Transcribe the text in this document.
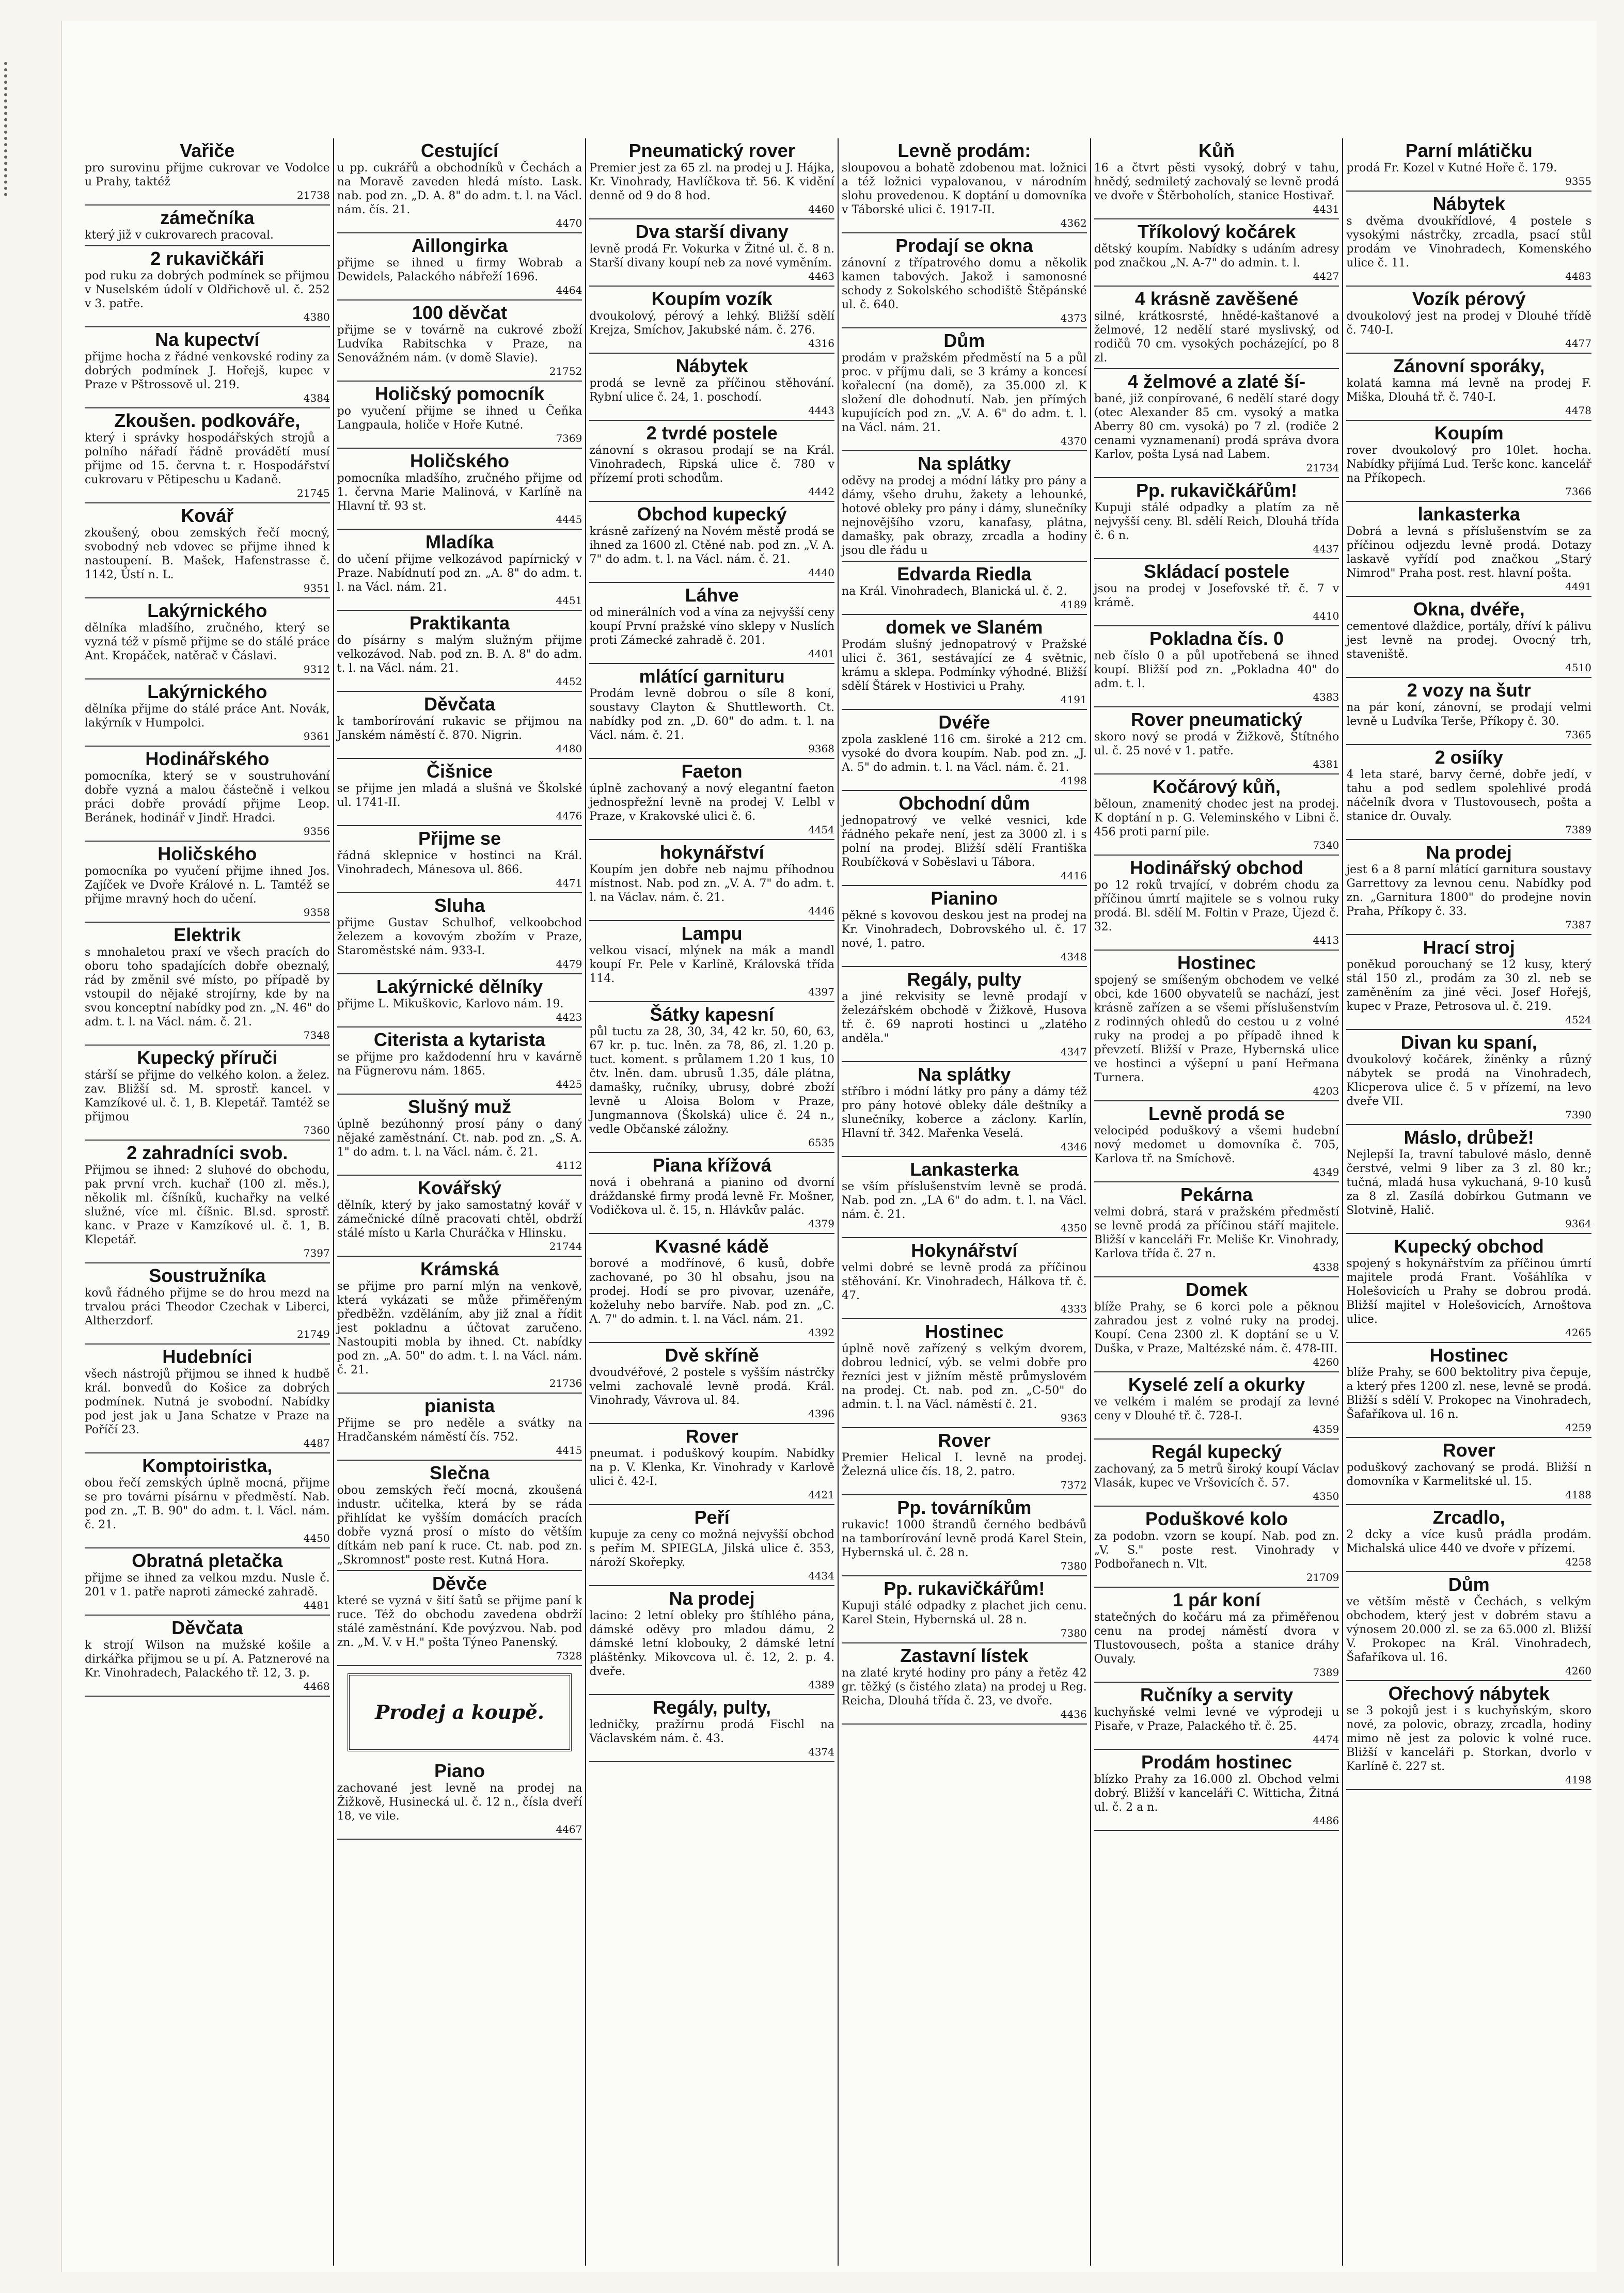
Vařiče

pro surovinu přijme cukrovar ve Vodolce u Prahy, taktéž

21738
zámečníka

který již v cukrovarech pracoval.

2 rukavičkáři

pod ruku za dobrých podmínek se přijmou v Nuselském údolí v Oldřichově ul. č. 252 v 3. patře.

4380
Na kupectví

přijme hocha z řádné venkovské rodiny za dobrých podmínek J. Hořejš, kupec v Praze v Pštrossově ul. 219.

4384
Zkoušen. podkováře,

který i správky hospodářských strojů a polního nářadí řádně provádětí musí přijme od 15. června t. r. Hospodářství cukrovaru v Pětipeschu u Kadaně.

21745
Kovář

zkoušený, obou zemských řečí mocný, svobodný neb vdovec se přijme ihned k nastoupení. B. Mašek, Hafenstrasse č. 1142, Ústí n. L.

9351
Lakýrnického

dělníka mladšího, zručného, který se vyzná též v písmě přijme se do stálé práce Ant. Kropáček, natěrač v Čáslavi.

9312
Lakýrnického

dělníka přijme do stálé práce Ant. Novák, lakýrník v Humpolci.

9361
Hodinářského

pomocníka, který se v soustruhování dobře vyzná a malou částečně i velkou práci dobře provádí přijme Leop. Beránek, hodinář v Jindř. Hradci.

9356
Holičského

pomocníka po vyučení přijme ihned Jos. Zajíček ve Dvoře Králové n. L. Tamtéž se přijme mravný hoch do učení.

9358
Elektrik

s mnohaletou praxí ve všech pracích do oboru toho spadajících dobře obeznalý, rád by změnil své místo, po případě by vstoupil do nějaké strojírny, kde by na svou konceptní nabídky pod zn. „N. 46" do adm. t. l. na Václ. nám. č. 21.

7348
Kupecký příruči

stárší se přijme do velkého kolon. a želez. zav. Bližší sd. M. sprostř. kancel. v Kamzíkové ul. č. 1, B. Klepetář. Tamtéž se přijmou

7360
2 zahradníci svob.

Přijmou se ihned: 2 sluhové do obchodu, pak první vrch. kuchař (100 zl. měs.), několik ml. číšníků, kuchařky na velké služné, více ml. číšnic. Bl.sd. sprostř. kanc. v Praze v Kamzíkové ul. č. 1, B. Klepetář.

7397
Soustružníka

kovů řádného přijme se do hrou mezd na trvalou práci Theodor Czechak v Liberci, Altherzdorf.

21749
Hudebníci

všech nástrojů přijmou se ihned k hudbě král. bonvedů do Košice za dobrých podmínek. Nutná je svobodní. Nabídky pod jest jak u Jana Schatze v Praze na Poříčí 23.

4487
Komptoiristka,

obou řečí zemských úplně mocná, přijme se pro továrni písárnu v předměstí. Nab. pod zn. „T. B. 90" do adm. t. l. Václ. nám. č. 21.

4450
Obratná pletačka

přijme se ihned za velkou mzdu. Nusle č. 201 v 1. patře naproti zámecké zahradě.

4481
Děvčata

k strojí Wilson na mužské košile a dirkářka přijmou se u pí. A. Patznerové na Kr. Vinohradech, Palackého tř. 12, 3. p.

4468
Cestující

u pp. cukrářů a obchodníků v Čechách a na Moravě zaveden hledá místo. Lask. nab. pod zn. „D. A. 8" do adm. t. l. na Václ. nám. čís. 21.

4470
Aillongirka

přijme se ihned u firmy Wobrab a Dewidels, Palackého nábřeží 1696.

4464
100 děvčat

přijme se v továrně na cukrové zboží Ludvíka Rabitschka v Praze, na Senovážném nám. (v domě Slavie).

21752
Holičský pomocník

po vyučení přijme se ihned u Čeňka Langpaula, holiče v Hoře Kutné.

7369
Holičského

pomocníka mladšího, zručného přijme od 1. června Marie Malinová, v Karlíně na Hlavní tř. 93 st.

4445
Mladíka

do učení přijme velkozávod papírnický v Praze. Nabídnutí pod zn. „A. 8" do adm. t. l. na Václ. nám. 21.

4451
Praktikanta

do písárny s malým služným přijme velkozávod. Nab. pod zn. B. A. 8" do adm. t. l. na Václ. nám. 21.

4452
Děvčata

k tamborírování rukavic se přijmou na Janském náměstí č. 870. Nigrin.

4480
Čišnice

se přijme jen mladá a slušná ve Školské ul. 1741-II.

4476
Přijme se

řádná sklepnice v hostinci na Král. Vinohradech, Mánesova ul. 866.

4471
Sluha

přijme Gustav Schulhof, velkoobchod železem a kovovým zbožím v Praze, Staroměstské nám. 933-I.

4479
Lakýrnické dělníky

přijme L. Mikuškovic, Karlovo nám. 19.

4423
Citerista a kytarista

se přijme pro každodenní hru v kavárně na Fügnerovu nám. 1865.

4425
Slušný muž

úplně bezúhonný prosí pány o daný nějaké zaměstnání. Ct. nab. pod zn. „S. A. 1" do adm. t. l. na Václ. nám. č. 21.

4112
Kovářský

dělník, který by jako samostatný kovář v zámečnické dílně pracovati chtěl, obdrží stálé místo u Karla Churáčka v Hlinsku.

21744
Krámská

se přijme pro parní mlýn na venkově, která vykázati se může přiměřeným předběžn. vzděláním, aby již znal a řídit jest pokladnu a účtovat zaručeno. Nastoupiti mobla by ihned. Ct. nabídky pod zn. „A. 50" do adm. t. l. na Václ. nám. č. 21.

21736
pianista

Přijme se pro neděle a svátky na Hradčanském náměstí čís. 752.

4415
Slečna

obou zemských řečí mocná, zkoušená industr. učitelka, která by se ráda přihlídat ke vyšším domácích pracích dobře vyzná prosí o místo do větším dítkám neb paní k ruce. Ct. nab. pod zn. „Skromnost" poste rest. Kutná Hora.

Děvče

které se vyzná v šití šatů se přijme paní k ruce. Též do obchodu zavedena obdrží stálé zaměstnání. Kde povýzvou. Nab. pod zn. „M. V. v H." pošta Týneo Panenský.

7328
Prodej a koupě.
Piano

zachované jest levně na prodej na Žižkově, Husinecká ul. č. 12 n., čísla dveří 18, ve vile.

4467
Pneumatický rover

Premier jest za 65 zl. na prodej u J. Hájka, Kr. Vinohrady, Havlíčkova tř. 56. K vidění denně od 9 do 8 hod.

4460
Dva starší divany

levně prodá Fr. Vokurka v Žitné ul. č. 8 n. Starší divany koupí neb za nové vyměním.

4463
Koupím vozík

dvoukolový, pérový a lehký. Bližší sdělí Krejza, Smíchov, Jakubské nám. č. 276.

4316
Nábytek

prodá se levně za příčinou stěhování. Rybní ulice č. 24, 1. poschodí.

4443
2 tvrdé postele

zánovní s okrasou prodají se na Král. Vinohradech, Ripská ulice č. 780 v přízemí proti schodům.

4442
Obchod kupecký

krásně zařízený na Novém městě prodá se ihned za 1600 zl. Ctěné nab. pod zn. „V. A. 7" do adm. t. l. na Václ. nám. č. 21.

4440
Láhve

od minerálních vod a vína za nejvyšší ceny koupí První pražské víno sklepy v Nuslích proti Zámecké zahradě č. 201.

4401
mlátící garnituru

Prodám levně dobrou o síle 8 koní, soustavy Clayton & Shuttleworth. Ct. nabídky pod zn. „D. 60" do adm. t. l. na Václ. nám. č. 21.

9368
Faeton

úplně zachovaný a nový elegantní faeton jednospřežní levně na prodej V. Lelbl v Praze, v Krakovské ulici č. 6.

4454
hokynářství

Koupím jen dobře neb najmu příhodnou místnost. Nab. pod zn. „V. A. 7" do adm. t. l. na Václav. nám. č. 21.

4446
Lampu

velkou visací, mlýnek na mák a mandl koupí Fr. Pele v Karlíně, Královská třída 114.

4397
Šátky kapesní

půl tuctu za 28, 30, 34, 42 kr. 50, 60, 63, 67 kr. p. tuc. lněn. za 78, 86, zl. 1.20 p. tuct. koment. s průlamem 1.20 1 kus, 10 čtv. lněn. dam. ubrusů 1.35, dále plátna, damašky, ručníky, ubrusy, dobré zboží levně u Aloisa Bolom v Praze, Jungmannova (Školská) ulice č. 24 n., vedle Občanské záložny.

6535
Piana křížová

nová i obehraná a pianino od dvorní dráždanské firmy prodá levně Fr. Mošner, Vodičkova ul. č. 15, n. Hlávkův palác.

4379
Kvasné kádě

borové a modřínové, 6 kusů, dobře zachované, po 30 hl obsahu, jsou na prodej. Hodí se pro pivovar, uzenáře, koželuhy nebo barvíře. Nab. pod zn. „C. A. 7" do admin. t. l. na Václ. nám. 21.

4392
Dvě skříně

dvoudvéřové, 2 postele s vyšším nástrčky velmi zachovalé levně prodá. Král. Vinohrady, Vávrova ul. 84.

4396
Rover

pneumat. i poduškový koupím. Nabídky na p. V. Klenka, Kr. Vinohrady v Karlově ulici č. 42-I.

4421
Peří

kupuje za ceny co možná nejvyšší obchod s peřím M. SPIEGLA, Jilská ulice č. 353, nároží Skořepky.

4434
Na prodej

lacino: 2 letní obleky pro štíhlého pána, dámské oděvy pro mladou dámu, 2 dámské letní klobouky, 2 dámské letní pláštěnky. Mikovcova ul. č. 12, 2. p. 4. dveře.

4389
Regály, pulty,

ledničky, pražírnu prodá Fischl na Václavském nám. č. 43.

4374
Levně prodám:

sloupovou a bohatě zdobenou mat. ložnici a též ložnici vypalovanou, v národním slohu provedenou. K doptání u domovníka v Táborské ulici č. 1917-II.

4362
Prodají se okna

zánovní z třípatrového domu a několik kamen tabových. Jakož i samonosné schody z Sokolského schodiště Štěpánské ul. č. 640.

4373
Dům

prodám v pražském předměstí na 5 a půl proc. v příjmu dali, se 3 krámy a koncesí kořalecní (na domě), za 35.000 zl. K složení dle dohodnutí. Nab. jen přímých kupujících pod zn. „V. A. 6" do adm. t. l. na Václ. nám. 21.

4370
Na splátky

oděvy na prodej a módní látky pro pány a dámy, všeho druhu, žakety a lehounké, hotové obleky pro pány i dámy, slunečníky nejnovějšího vzoru, kanafasy, plátna, damašky, pak obrazy, zrcadla a hodiny jsou dle řádu u

Edvarda Riedla

na Král. Vinohradech, Blanická ul. č. 2.

4189
domek ve Slaném

Prodám slušný jednopatrový v Pražské ulici č. 361, sestávající ze 4 světnic, krámu a sklepa. Podmínky výhodné. Bližší sdělí Štárek v Hostivici u Prahy.

4191
Dvéře

zpola zasklené 116 cm. široké a 212 cm. vysoké do dvora koupím. Nab. pod zn. „J. A. 5" do admin. t. l. na Václ. nám. č. 21.

4198
Obchodní dům

jednopatrový ve velké vesnici, kde řádného pekaře není, jest za 3000 zl. i s polní na prodej. Bližší sdělí Františka Roubíčková v Soběslavi u Tábora.

4416
Pianino

pěkné s kovovou deskou jest na prodej na Kr. Vinohradech, Dobrovského ul. č. 17 nové, 1. patro.

4348
Regály, pulty

a jiné rekvisity se levně prodají v železářském obchodě v Žižkově, Husova tř. č. 69 naproti hostinci u „zlatého anděla."

4347
Na splátky

stříbro i módní látky pro pány a dámy též pro pány hotové obleky dále deštníky a slunečníky, koberce a záclony. Karlín, Hlavní tř. 342. Mařenka Veselá.

4346
Lankasterka

se vším příslušenstvím levně se prodá. Nab. pod zn. „LA 6" do adm. t. l. na Václ. nám. č. 21.

4350
Hokynářství

velmi dobré se levně prodá za příčinou stěhování. Kr. Vinohradech, Hálkova tř. č. 47.

4333
Hostinec

úplně nově zařízený s velkým dvorem, dobrou lednicí, výb. se velmi dobře pro řezníci jest v jižním městě průmyslovém na prodej. Ct. nab. pod zn. „C-50" do admin. t. l. na Václ. náměstí č. 21.

9363
Rover

Premier Helical I. levně na prodej. Železná ulice čís. 18, 2. patro.

7372
Pp. továrníkům

rukavic! 1000 štrandů černého bedbávů na tamborírování levně prodá Karel Stein, Hybernská ul. č. 28 n.

7380
Pp. rukavičkářům!

Kupuji stálé odpadky z plachet jich cenu. Karel Stein, Hybernská ul. 28 n.

7380
Zastavní lístek

na zlaté kryté hodiny pro pány a řetěz 42 gr. těžký (s čistého zlata) na prodej u Reg. Reicha, Dlouhá třída č. 23, ve dvoře.

4436
Kůň

16 a čtvrt pěsti vysoký, dobrý v tahu, hnědý, sedmiletý zachovalý se levně prodá ve dvoře v Štěrboholích, stanice Hostivař.

4431
Tříkolový kočárek

dětský koupím. Nabídky s udáním adresy pod značkou „N. A-7" do admin. t. l.

4427
4 krásně zavěšené

silné, krátkosrsté, hnědé-kaštanové a želmové, 12 nedělí staré myslivský, od rodičů 70 cm. vysokých pocházející, po 8 zl.

4 želmové a zlaté ší-

bané, již conpírované, 6 nedělí staré dogy (otec Alexander 85 cm. vysoký a matka Aberry 80 cm. vysoká) po 7 zl. (rodiče 2 cenami vyznamenaní) prodá správa dvora Karlov, pošta Lysá nad Labem.

21734
Pp. rukavičkářům!

Kupuji stálé odpadky a platím za ně nejvyšší ceny. Bl. sdělí Reich, Dlouhá třída č. 6 n.

4437
Skládací postele

jsou na prodej v Josefovské tř. č. 7 v krámě.

4410
Pokladna čís. 0

neb číslo 0 a půl upotřebená se ihned koupí. Bližší pod zn. „Pokladna 40" do adm. t. l.

4383
Rover pneumatický

skoro nový se prodá v Žižkově, Štítného ul. č. 25 nové v 1. patře.

4381
Kočárový kůň,

běloun, znamenitý chodec jest na prodej. K doptání n p. G. Veleminského v Libni č. 456 proti parní pile.

7340
Hodinářský obchod

po 12 roků trvající, v dobrém chodu za příčinou úmrtí majitele se s volnou ruky prodá. Bl. sdělí M. Foltin v Praze, Újezd č. 32.

4413
Hostinec

spojený se smíšeným obchodem ve velké obci, kde 1600 obyvatelů se nachází, jest krásně zařízen a se všemi příslušenstvím z rodinných ohledů do cestou u z volné ruky na prodej a po případě ihned k převzetí. Bližší v Praze, Hybernská ulice ve hostinci a výšepní u paní Heřmana Turnera.

4203
Levně prodá se

velocipéd poduškový a všemi hudební nový medomet u domovníka č. 705, Karlova tř. na Smíchově.

4349
Pekárna

velmi dobrá, stará v pražském předměstí se levně prodá za příčinou stáří majitele. Bližší v kanceláři Fr. Meliše Kr. Vinohrady, Karlova třída č. 27 n.

4338
Domek

blíže Prahy, se 6 korci pole a pěknou zahradou jest z volné ruky na prodej. Koupí. Cena 2300 zl. K doptání se u V. Duška, v Praze, Maltézské nám. č. 478-III.

4260
Kyselé zelí a okurky

ve velkém i malém se prodají za levné ceny v Dlouhé tř. č. 728-I.

4359
Regál kupecký

zachovaný, za 5 metrů široký koupí Václav Vlasák, kupec ve Vršovicích č. 57.

4350
Poduškové kolo

za podobn. vzorn se koupí. Nab. pod zn. „V. S." poste rest. Vinohrady v Podbořanech n. Vlt.

21709
1 pár koní

statečných do kočáru má za přiměřenou cenu na prodej náměstí dvora v Tlustovousech, pošta a stanice dráhy Ouvaly.

7389
Ručníky a servity

kuchyňské velmi levné ve výprodeji u Pisaře, v Praze, Palackého tř. č. 25.

4474
Prodám hostinec

blízko Prahy za 16.000 zl. Obchod velmi dobrý. Bližší v kanceláři C. Witticha, Žitná ul. č. 2 a n.

4486
Parní mlátičku

prodá Fr. Kozel v Kutné Hoře č. 179.

9355
Nábytek

s dvěma dvoukřídlové, 4 postele s vysokými nástrčky, zrcadla, psací stůl prodám ve Vinohradech, Komenského ulice č. 11.

4483
Vozík pérový

dvoukolový jest na prodej v Dlouhé třídě č. 740-I.

4477
Zánovní sporáky,

kolatá kamna má levně na prodej F. Miška, Dlouhá tř. č. 740-I.

4478
Koupím

rover dvoukolový pro 10let. hocha. Nabídky přijímá Lud. Teršc konc. kancelář na Příkopech.

7366
lankasterka

Dobrá a levná s příslušenstvím se za příčinou odjezdu levně prodá. Dotazy laskavě vyřídí pod značkou „Starý Nimrod" Praha post. rest. hlavní pošta.

4491
Okna, dvéře,

cementové dlaždice, portály, dříví k pálivu jest levně na prodej. Ovocný trh, staveniště.

4510
2 vozy na šutr

na pár koní, zánovní, se prodají velmi levně u Ludvíka Terše, Příkopy č. 30.

7365
2 osiíky

4 leta staré, barvy černé, dobře jedí, v tahu a pod sedlem spolehlivé prodá náčelník dvora v Tlustovousech, pošta a stanice dr. Ouvaly.

7389
Na prodej

jest 6 a 8 parní mlátící garnitura soustavy Garrettovy za levnou cenu. Nabídky pod zn. „Garnitura 1800" do prodejne novin Praha, Příkopy č. 33.

7387
Hrací stroj

poněkud porouchaný se 12 kusy, který stál 150 zl., prodám za 30 zl. neb se zaměněním za jiné věci. Josef Hořejš, kupec v Praze, Petrosova ul. č. 219.

4524
Divan ku spaní,

dvoukolový kočárek, žíněnky a různý nábytek se prodá na Vinohradech, Klicperova ulice č. 5 v přízemí, na levo dveře VII.

7390
Máslo, drůbež!

Nejlepší Ia, travní tabulové máslo, denně čerstvé, velmi 9 liber za 3 zl. 80 kr.; tučná, mladá husa vykuchaná, 9-10 kusů za 8 zl. Zasílá dobírkou Gutmann ve Slotvině, Halič.

9364
Kupecký obchod

spojený s hokynářstvím za příčinou úmrtí majitele prodá Frant. Vošáhlíka v Holešovicích u Prahy se dobrou prodá. Bližší majitel v Holešovicích, Arnoštova ulice.

4265
Hostinec

blíže Prahy, se 600 bektolitry piva čepuje, a který přes 1200 zl. nese, levně se prodá. Bližší s sdělí V. Prokopec na Vinohradech, Šafaříkova ul. 16 n.

4259
Rover

poduškový zachovaný se prodá. Bližší n domovníka v Karmelitské ul. 15.

4188
Zrcadlo,

2 dcky a více kusů prádla prodám. Michalská ulice 440 ve dvoře v přízemí.

4258
Dům

ve větším městě v Čechách, s velkým obchodem, který jest v dobrém stavu a výnosem 20.000 zl. se za 65.000 zl. Bližší V. Prokopec na Král. Vinohradech, Šafaříkova ul. 16.

4260
Ořechový nábytek

se 3 pokojů jest i s kuchyňským, skoro nové, za polovic, obrazy, zrcadla, hodiny mimo ně jest za polovic k volné ruce. Bližší v kanceláři p. Storkan, dvorlo v Karlíně č. 227 st.

4198
